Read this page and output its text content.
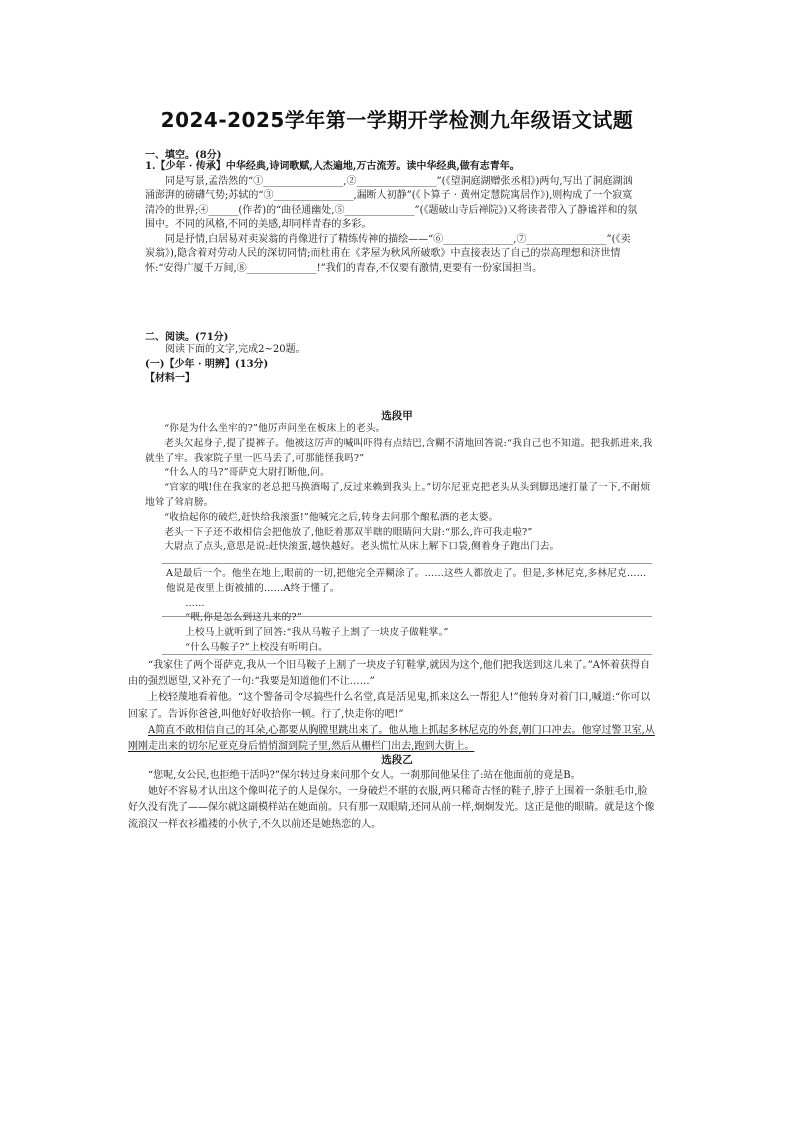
2024-2025学年第一学期开学检测九年级语文试题
一、填空。(8分)

1.【少年 · 传承】中华经典,诗词歌赋,人杰遍地,万古流芳。读中华经典,做有志青年。

同是写景,孟浩然的“①________________,②________________”(《望洞庭湖赠张丞相》)两句,写出了洞庭湖汹涌澎湃的磅礴气势;苏轼的“③________________,漏断人初静”(《卜算子 · 黄州定慧院寓居作》),则构成了一个寂寞清冷的世界;④______(作者)的“曲径通幽处,⑤______________”(《题破山寺后禅院》)又将读者带入了静谧祥和的氛围中。不同的风格,不同的美感,却同样青春的多彩。

同是抒情,白居易对卖炭翁的肖像进行了精练传神的描绘——“⑥______________,⑦________________”(《卖炭翁》),隐含着对劳动人民的深切同情;而杜甫在《茅屋为秋风所破歌》中直接表达了自己的崇高理想和济世情怀:“安得广厦千万间,⑧______________!”我们的青春,不仅要有激情,更要有一份家国担当。

二、阅读。(71分)

阅读下面的文字,完成2~20题。

(一)【少年 · 明辨】(13分)

【材料一】

选段甲

“你是为什么坐牢的?”他厉声问坐在板床上的老头。

老头欠起身子,提了提裤子。他被这厉声的喊叫吓得有点结巴,含糊不清地回答说:“我自己也不知道。把我抓进来,我就坐了牢。我家院子里一匹马丢了,可那能怪我吗?”

“什么人的马?”哥萨克大尉打断他,问。

“官家的哦!住在我家的老总把马换酒喝了,反过来赖到我头上。”切尔尼亚克把老头从头到脚迅速打量了一下,不耐烦地耸了耸肩膀。

“收拾起你的破烂,赶快给我滚蛋!”他喊完之后,转身去问那个酿私酒的老太婆。

老头一下子还不敢相信会把他放了,他眨着那双半瞎的眼睛问大尉:“那么,许可我走啦?”

大尉点了点头,意思是说:赶快滚蛋,越快越好。老头慌忙从床上解下口袋,侧着身子跑出门去。

……

A是最后一个。他坐在地上,眼前的一切,把他完全弄糊涂了。……这些人都放走了。但是,多林尼克,多林尼克……他说是夜里上街被捕的……A终于懂了。

……

“喂,你是怎么到这儿来的?”

上校马上就听到了回答:“我从马鞍子上割了一块皮子做鞋掌。”

“什么马鞍子?”上校没有听明白。

“我家住了两个哥萨克,我从一个旧马鞍子上割了一块皮子钉鞋掌,就因为这个,他们把我送到这儿来了。”A怀着获得自由的强烈愿望,又补充了一句:“我要是知道他们不让……”

上校轻蔑地看着他。“这个警备司令尽搞些什么名堂,真是活见鬼,抓来这么一帮犯人!”他转身对着门口,喊道:“你可以回家了。告诉你爸爸,叫他好好收拾你一顿。行了,快走你的吧!”

A简直不敢相信自己的耳朵,心都要从胸膛里跳出来了。他从地上抓起多林尼克的外套,朝门口冲去。他穿过警卫室,从刚刚走出来的切尔尼亚克身后悄悄溜到院子里,然后从栅栏门出去,跑到大街上。

选段乙

“您呢,女公民,也拒绝干活吗?”保尔转过身来问那个女人。一刹那间他呆住了:站在他面前的竟是B。

她好不容易才认出这个像叫花子的人是保尔。一身破烂不堪的衣服,两只稀奇古怪的鞋子,脖子上围着一条脏毛巾,脸好久没有洗了——保尔就这副模样站在她面前。只有那一双眼睛,还同从前一样,炯炯发光。这正是他的眼睛。就是这个像流浪汉一样衣衫褴褛的小伙子,不久以前还是她热恋的人。
